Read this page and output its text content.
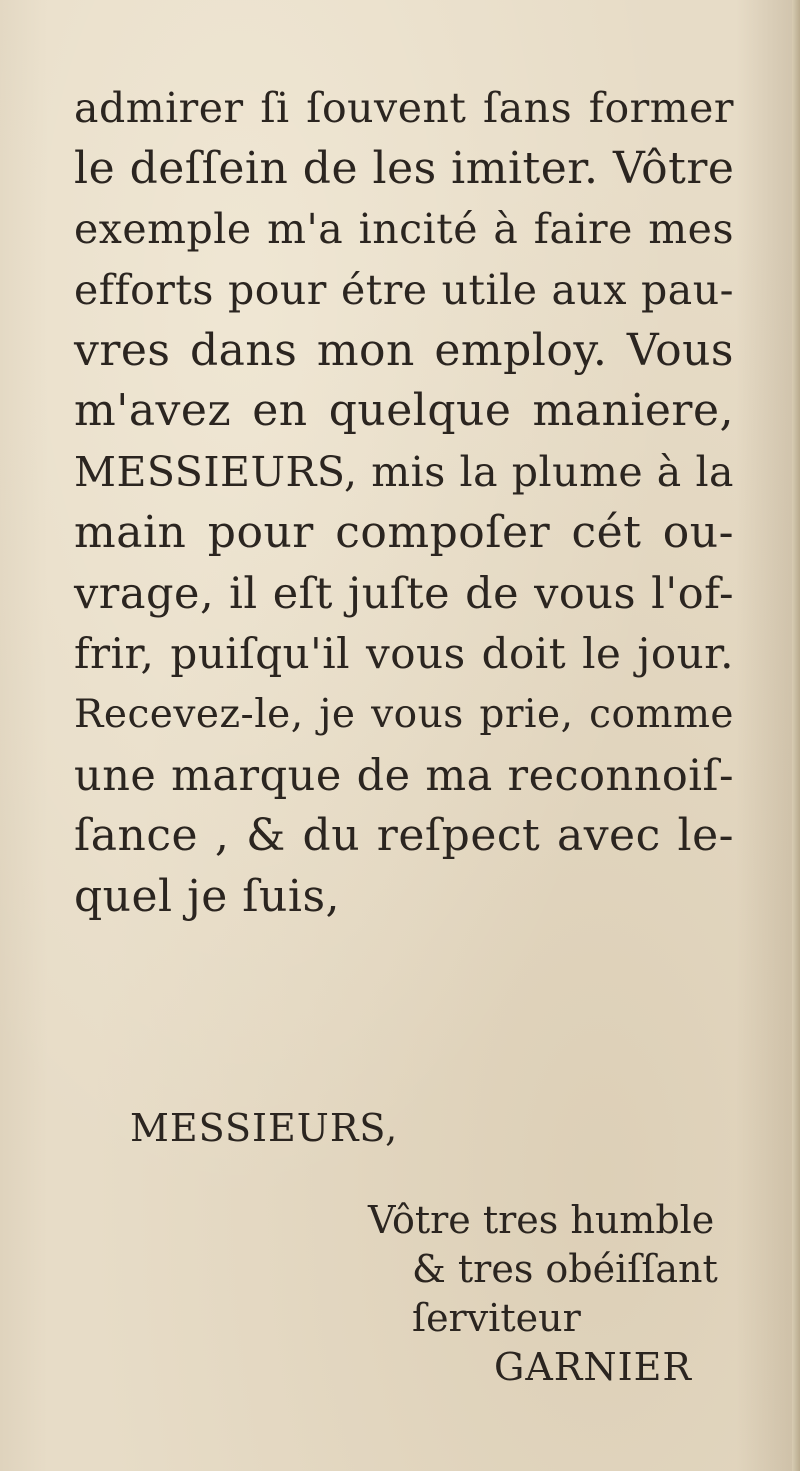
admirer ſi ſouvent ſans former
le deſſein de les imiter. Vôtre
exemple m'a incité à faire mes
efforts pour étre utile aux pau-
vres dans mon employ. Vous
m'avez en quelque maniere,
MESSIEURS, mis la plume à la
main pour compoſer cét ou-
vrage, il eſt juſte de vous l'of-
frir, puiſqu'il vous doit le jour.
Recevez-le, je vous prie, comme
une marque de ma reconnoiſ-
ſance , & du reſpect avec le-
quel je ſuis,

MESSIEURS,

Vôtre tres humble
& tres obéiſſant
ſerviteur
GARNIER
